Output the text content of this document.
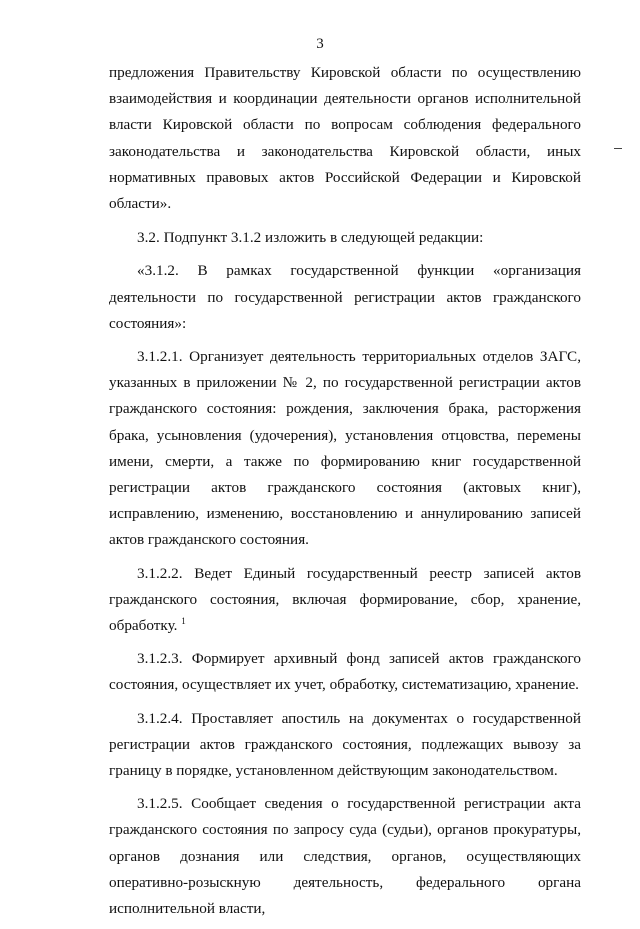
3

предложения Правительству Кировской области по осуществлению взаимодействия и координации деятельности органов исполнительной власти Кировской области по вопросам соблюдения федерального законодательства и законодательства Кировской области, иных нормативных правовых актов Российской Федерации и Кировской области».

3.2. Подпункт 3.1.2 изложить в следующей редакции:

«3.1.2. В рамках государственной функции «организация деятельности по государственной регистрации актов гражданского состояния»:

3.1.2.1. Организует деятельность территориальных отделов ЗАГС, указанных в приложении № 2, по государственной регистрации актов гражданского состояния: рождения, заключения брака, расторжения брака, усыновления (удочерения), установления отцовства, перемены имени, смерти, а также по формированию книг государственной регистрации актов гражданского состояния (актовых книг), исправлению, изменению, восстановлению и аннулированию записей актов гражданского состояния.

3.1.2.2. Ведет Единый государственный реестр записей актов гражданского состояния, включая формирование, сбор, хранение, обработку. $^1$

3.1.2.3. Формирует архивный фонд записей актов гражданского состояния, осуществляет их учет, обработку, систематизацию, хранение.

3.1.2.4. Проставляет апостиль на документах о государственной регистрации актов гражданского состояния, подлежащих вывозу за границу в порядке, установленном действующим законодательством.

3.1.2.5. Сообщает сведения о государственной регистрации акта гражданского состояния по запросу суда (судьи), органов прокуратуры, органов дознания или следствия, органов, осуществляющих оперативно-розыскную деятельность, федерального органа исполнительной власти,
